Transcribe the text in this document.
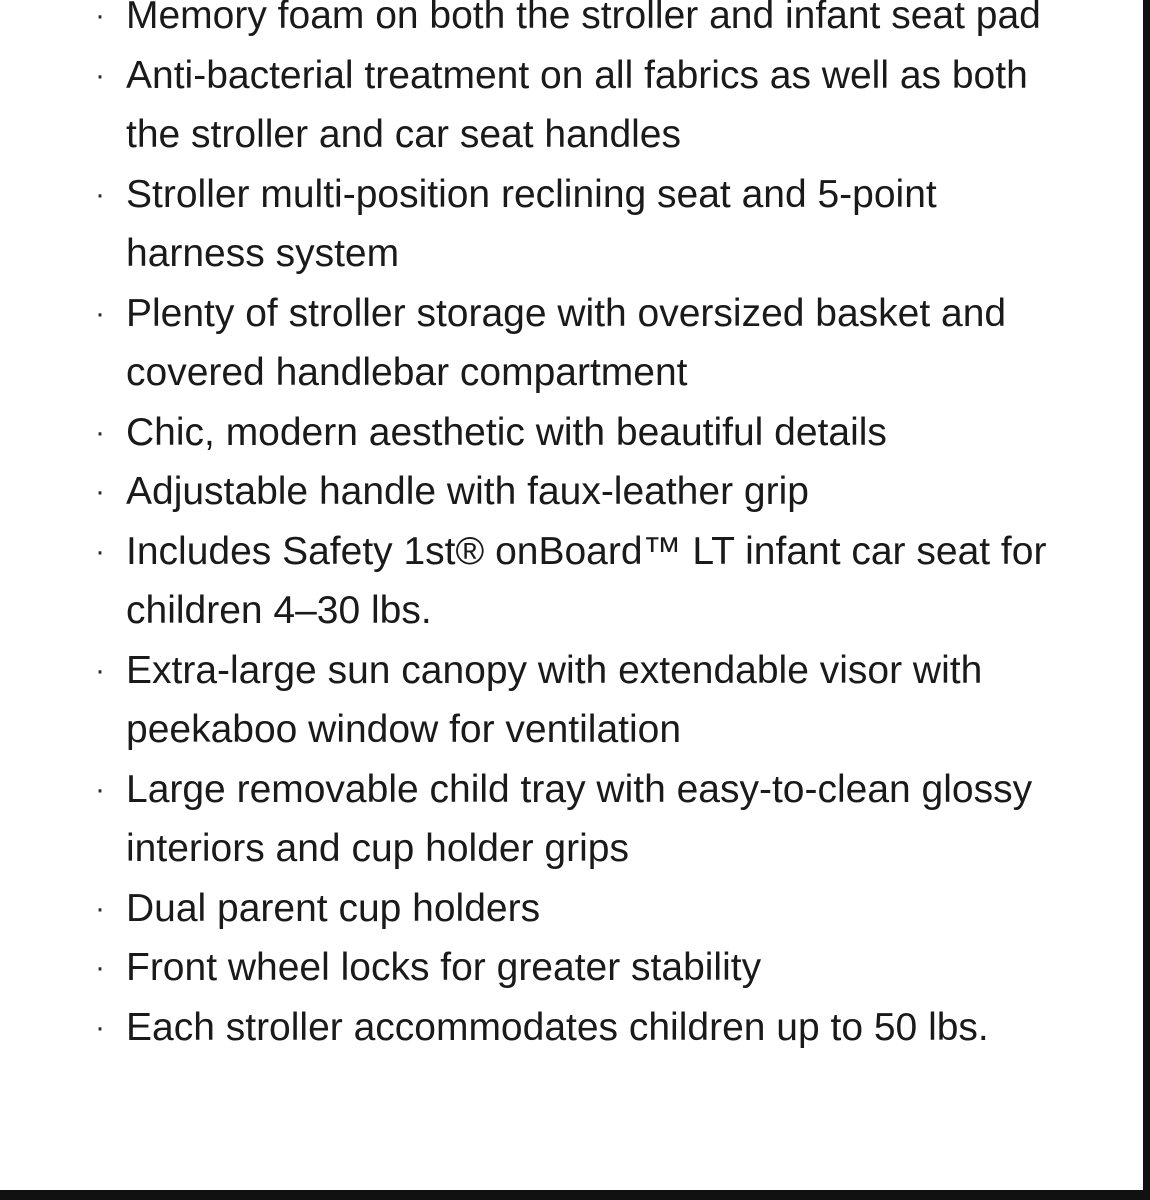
· Memory foam on both the stroller and infant seat pad
· Anti-bacterial treatment on all fabrics as well as both the stroller and car seat handles
· Stroller multi-position reclining seat and 5-point harness system
· Plenty of stroller storage with oversized basket and covered handlebar compartment
· Chic, modern aesthetic with beautiful details
· Adjustable handle with faux-leather grip
· Includes Safety 1st® onBoard™ LT infant car seat for children 4–30 lbs.
· Extra-large sun canopy with extendable visor with peekaboo window for ventilation
· Large removable child tray with easy-to-clean glossy interiors and cup holder grips
· Dual parent cup holders
· Front wheel locks for greater stability
· Each stroller accommodates children up to 50 lbs.
